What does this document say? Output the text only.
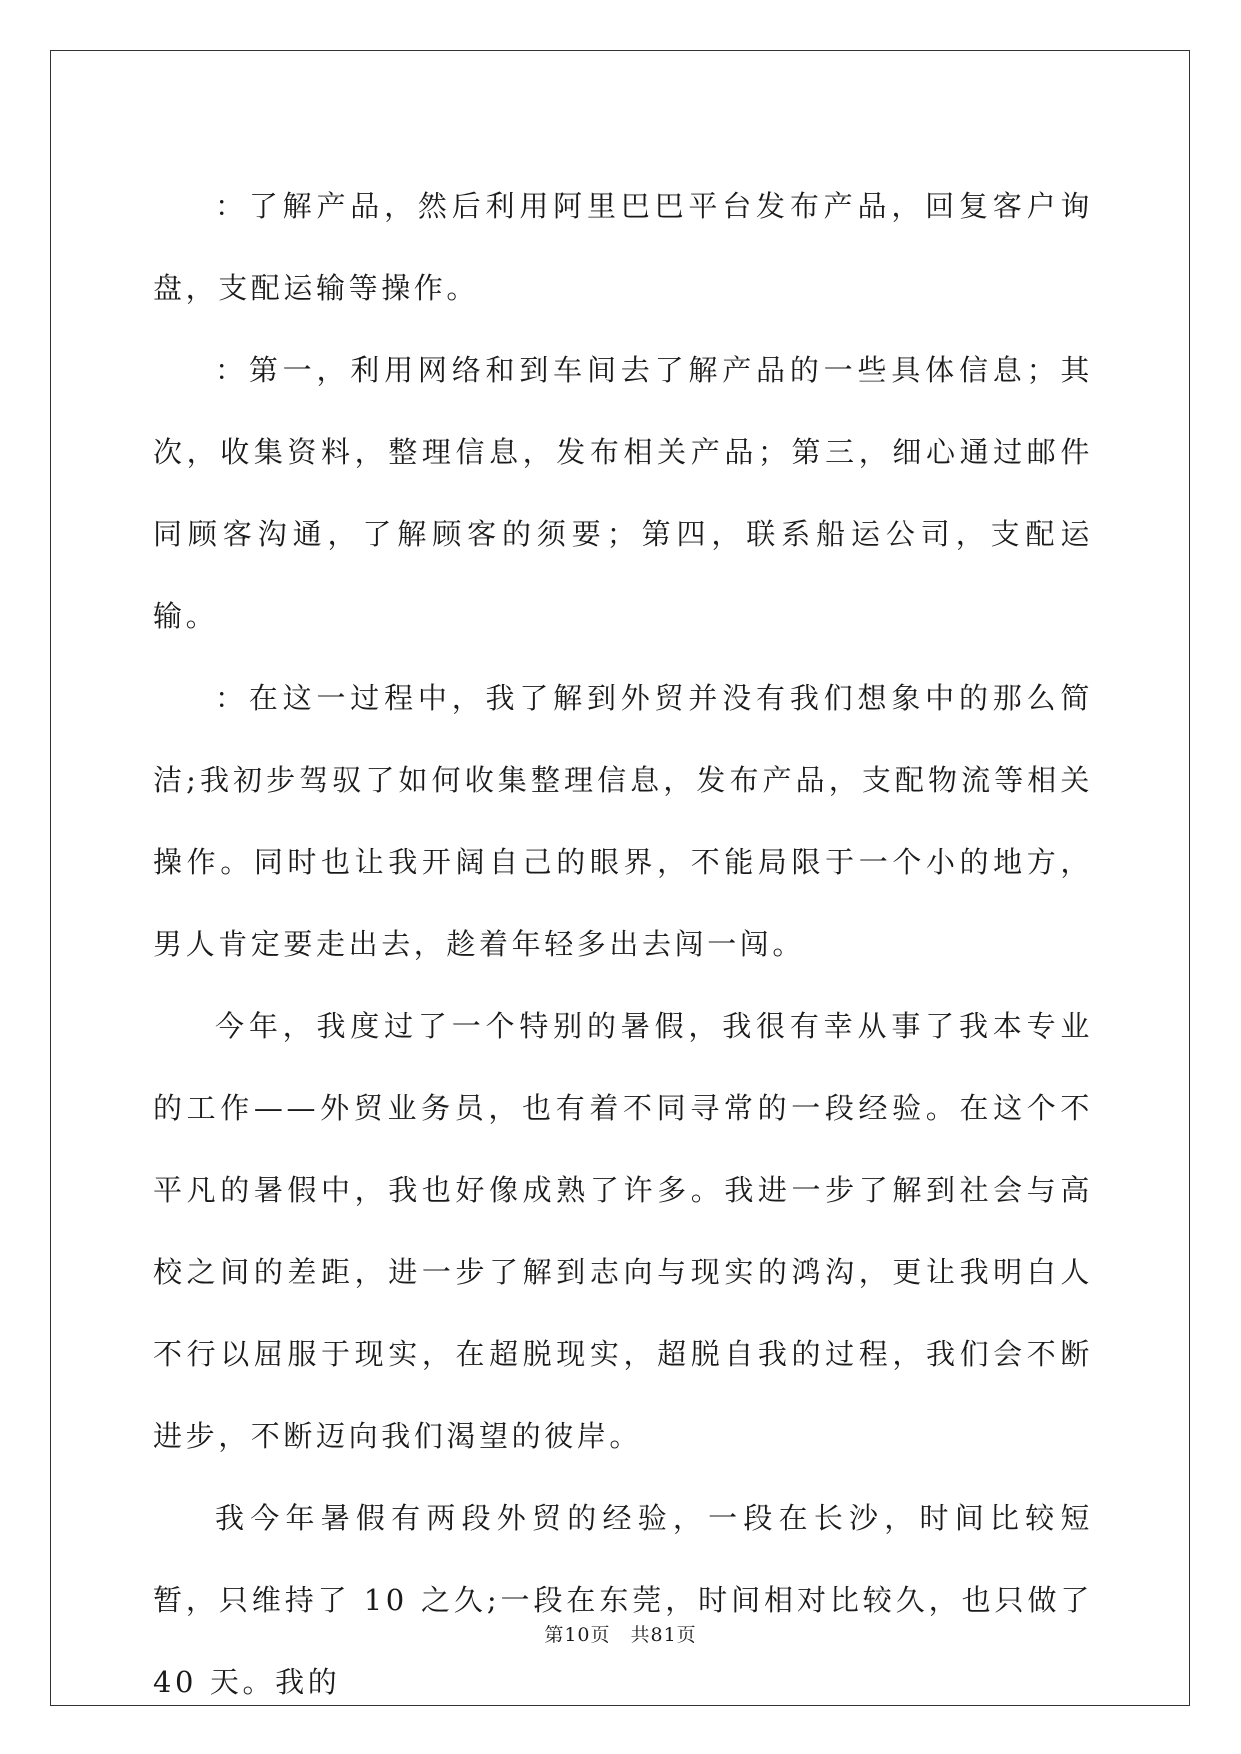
：了解产品，然后利用阿里巴巴平台发布产品，回复客户询盘，支配运输等操作。

：第一，利用网络和到车间去了解产品的一些具体信息；其次，收集资料，整理信息，发布相关产品；第三，细心通过邮件同顾客沟通，了解顾客的须要；第四，联系船运公司，支配运输。

：在这一过程中，我了解到外贸并没有我们想象中的那么简洁;我初步驾驭了如何收集整理信息，发布产品，支配物流等相关操作。同时也让我开阔自己的眼界，不能局限于一个小的地方，男人肯定要走出去，趁着年轻多出去闯一闯。

今年，我度过了一个特别的暑假，我很有幸从事了我本专业的工作——外贸业务员，也有着不同寻常的一段经验。在这个不平凡的暑假中，我也好像成熟了许多。我进一步了解到社会与高校之间的差距，进一步了解到志向与现实的鸿沟，更让我明白人不行以屈服于现实，在超脱现实，超脱自我的过程，我们会不断进步，不断迈向我们渴望的彼岸。

我今年暑假有两段外贸的经验，一段在长沙，时间比较短暂，只维持了 10 之久;一段在东莞，时间相对比较久，也只做了 40 天。我的

第10页　共81页
